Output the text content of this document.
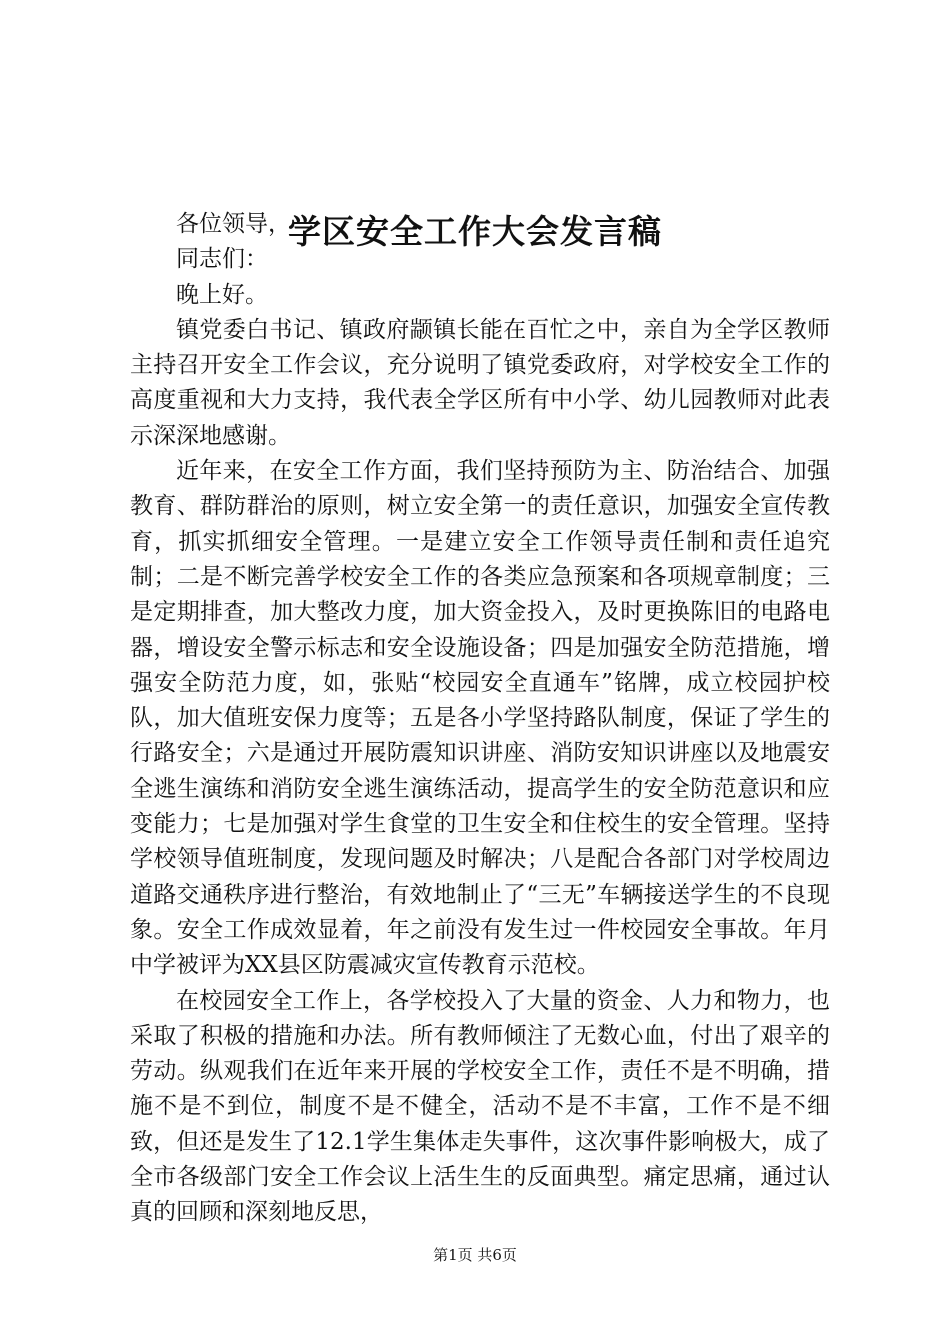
学区安全工作大会发言稿

各位领导，

同志们：

晚上好。

镇党委白书记、镇政府颛镇长能在百忙之中，亲自为全学区教师主持召开安全工作会议，充分说明了镇党委政府，对学校安全工作的高度重视和大力支持，我代表全学区所有中小学、幼儿园教师对此表示深深地感谢。

近年来，在安全工作方面，我们坚持预防为主、防治结合、加强教育、群防群治的原则，树立安全第一的责任意识，加强安全宣传教育，抓实抓细安全管理。一是建立安全工作领导责任制和责任追究制；二是不断完善学校安全工作的各类应急预案和各项规章制度；三是定期排查，加大整改力度，加大资金投入，及时更换陈旧的电路电器，增设安全警示标志和安全设施设备；四是加强安全防范措施，增强安全防范力度，如，张贴“校园安全直通车”铭牌，成立校园护校队，加大值班安保力度等；五是各小学坚持路队制度，保证了学生的行路安全；六是通过开展防震知识讲座、消防安知识讲座以及地震安全逃生演练和消防安全逃生演练活动，提高学生的安全防范意识和应变能力；七是加强对学生食堂的卫生安全和住校生的安全管理。坚持学校领导值班制度，发现问题及时解决；八是配合各部门对学校周边道路交通秩序进行整治，有效地制止了“三无”车辆接送学生的不良现象。安全工作成效显着，年之前没有发生过一件校园安全事故。年月中学被评为XX县区防震减灾宣传教育示范校。

在校园安全工作上，各学校投入了大量的资金、人力和物力，也采取了积极的措施和办法。所有教师倾注了无数心血，付出了艰辛的劳动。纵观我们在近年来开展的学校安全工作，责任不是不明确，措施不是不到位，制度不是不健全，活动不是不丰富，工作不是不细致，但还是发生了12.1学生集体走失事件，这次事件影响极大，成了全市各级部门安全工作会议上活生生的反面典型。痛定思痛，通过认真的回顾和深刻地反思，

第1页 共6页
